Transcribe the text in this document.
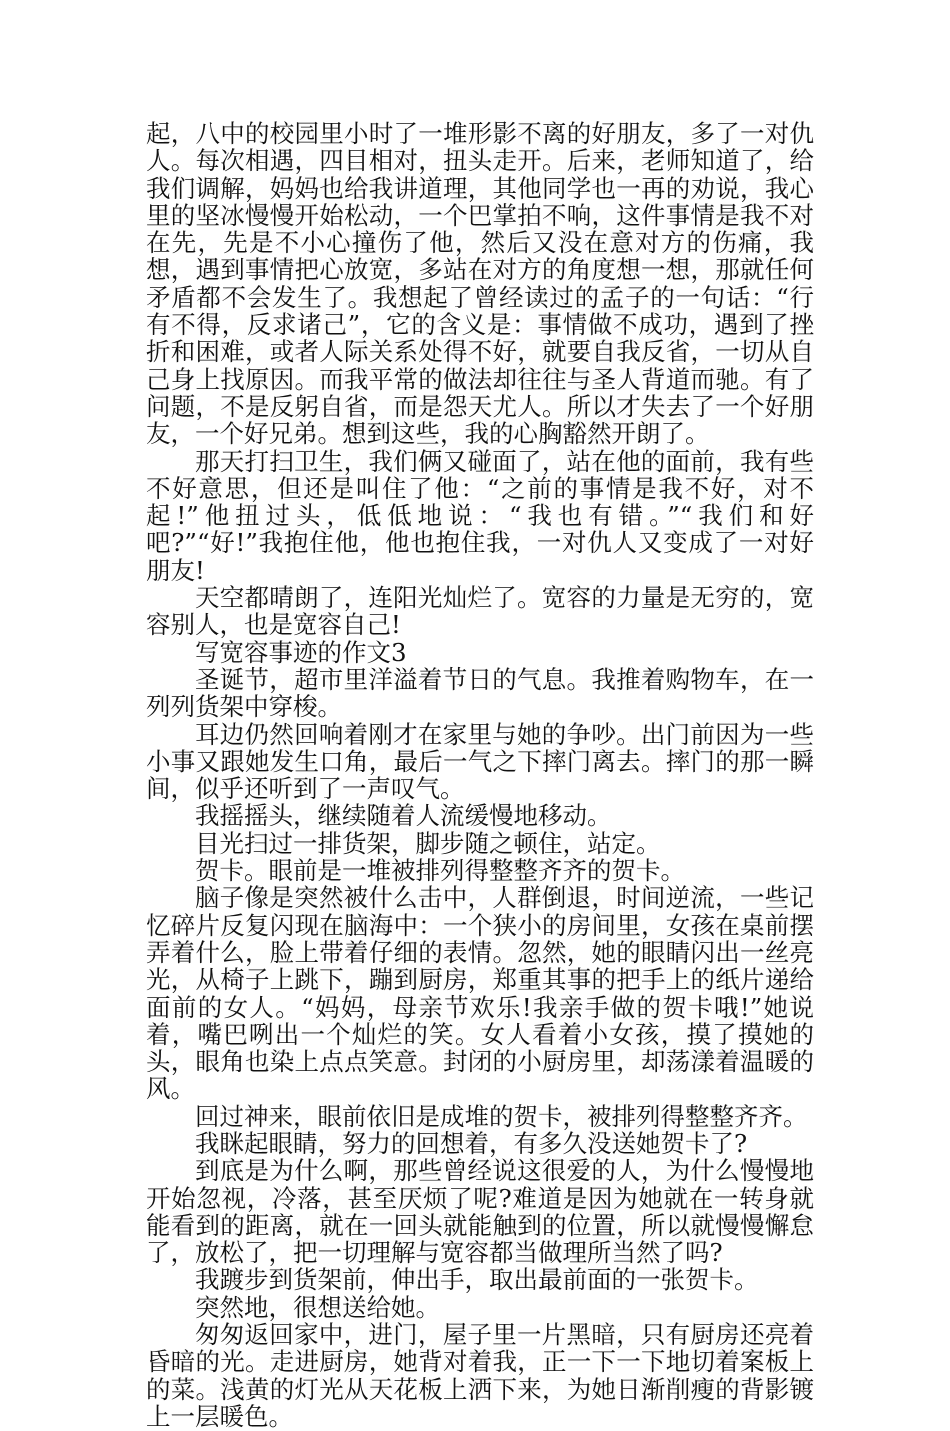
起，八中的校园里小时了一堆形影不离的好朋友，多了一对仇人。每次相遇，四目相对，扭头走开。后来，老师知道了，给我们调解，妈妈也给我讲道理，其他同学也一再的劝说，我心里的坚冰慢慢开始松动，一个巴掌拍不响，这件事情是我不对在先，先是不小心撞伤了他，然后又没在意对方的伤痛，我想，遇到事情把心放宽，多站在对方的角度想一想，那就任何矛盾都不会发生了。我想起了曾经读过的孟子的一句话：“行有不得，反求诸己”，它的含义是：事情做不成功，遇到了挫折和困难，或者人际关系处得不好，就要自我反省，一切从自己身上找原因。而我平常的做法却往往与圣人背道而驰。有了问题，不是反躬自省，而是怨天尤人。所以才失去了一个好朋友，一个好兄弟。想到这些，我的心胸豁然开朗了。

那天打扫卫生，我们俩又碰面了，站在他的面前，我有些不好意思，但还是叫住了他：“之前的事情是我不好，对不起!”他扭过头，低低地说：“我也有错。”“我们和好吧?”“好!”我抱住他，他也抱住我，一对仇人又变成了一对好朋友!

天空都晴朗了，连阳光灿烂了。宽容的力量是无穷的，宽容别人，也是宽容自己!

写宽容事迹的作文3

圣诞节，超市里洋溢着节日的气息。我推着购物车，在一列列货架中穿梭。

耳边仍然回响着刚才在家里与她的争吵。出门前因为一些小事又跟她发生口角，最后一气之下摔门离去。摔门的那一瞬间，似乎还听到了一声叹气。

我摇摇头，继续随着人流缓慢地移动。

目光扫过一排货架，脚步随之顿住，站定。

贺卡。眼前是一堆被排列得整整齐齐的贺卡。

脑子像是突然被什么击中，人群倒退，时间逆流，一些记忆碎片反复闪现在脑海中：一个狭小的房间里，女孩在桌前摆弄着什么，脸上带着仔细的表情。忽然，她的眼睛闪出一丝亮光，从椅子上跳下，蹦到厨房，郑重其事的把手上的纸片递给面前的女人。“妈妈，母亲节欢乐!我亲手做的贺卡哦!”她说着，嘴巴咧出一个灿烂的笑。女人看着小女孩，摸了摸她的头，眼角也染上点点笑意。封闭的小厨房里，却荡漾着温暖的风。

回过神来，眼前依旧是成堆的贺卡，被排列得整整齐齐。

我眯起眼睛，努力的回想着，有多久没送她贺卡了?

到底是为什么啊，那些曾经说这很爱的人，为什么慢慢地开始忽视，冷落，甚至厌烦了呢?难道是因为她就在一转身就能看到的距离，就在一回头就能触到的位置，所以就慢慢懈怠了，放松了，把一切理解与宽容都当做理所当然了吗?

我踱步到货架前，伸出手，取出最前面的一张贺卡。

突然地，很想送给她。

匆匆返回家中，进门，屋子里一片黑暗，只有厨房还亮着昏暗的光。走进厨房，她背对着我，正一下一下地切着案板上的菜。浅黄的灯光从天花板上洒下来，为她日渐削瘦的背影镀上一层暖色。
